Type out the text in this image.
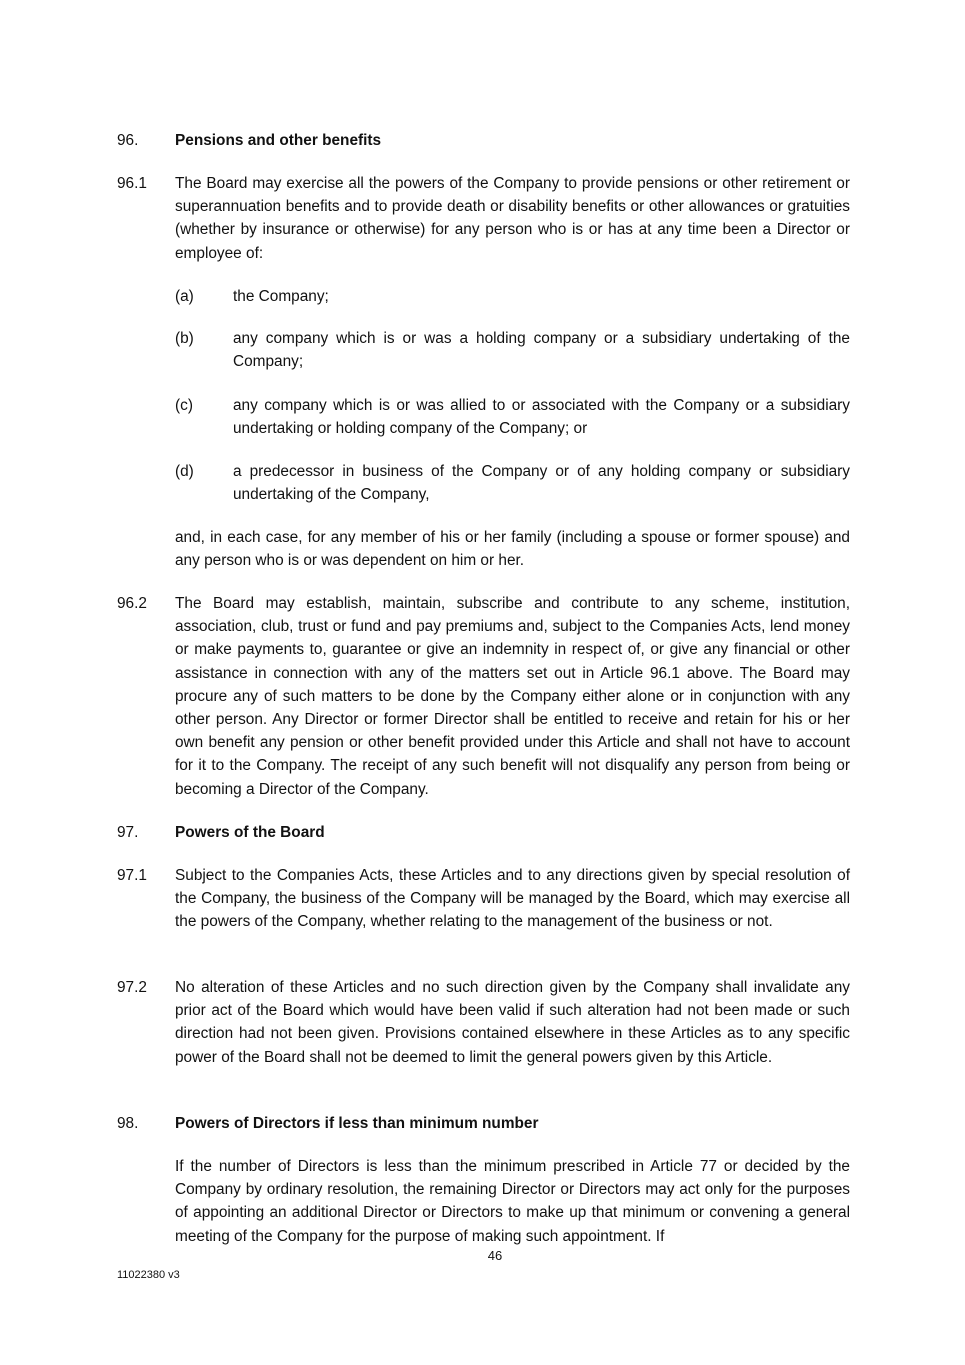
96. Pensions and other benefits
96.1 The Board may exercise all the powers of the Company to provide pensions or other retirement or superannuation benefits and to provide death or disability benefits or other allowances or gratuities (whether by insurance or otherwise) for any person who is or has at any time been a Director or employee of:
(a)	the Company;
(b)	any company which is or was a holding company or a subsidiary undertaking of the Company;
(c)	any company which is or was allied to or associated with the Company or a subsidiary undertaking or holding company of the Company; or
(d)	a predecessor in business of the Company or of any holding company or subsidiary undertaking of the Company,
and, in each case, for any member of his or her family (including a spouse or former spouse) and any person who is or was dependent on him or her.
96.2 The Board may establish, maintain, subscribe and contribute to any scheme, institution, association, club, trust or fund and pay premiums and, subject to the Companies Acts, lend money or make payments to, guarantee or give an indemnity in respect of, or give any financial or other assistance in connection with any of the matters set out in Article 96.1 above. The Board may procure any of such matters to be done by the Company either alone or in conjunction with any other person. Any Director or former Director shall be entitled to receive and retain for his or her own benefit any pension or other benefit provided under this Article and shall not have to account for it to the Company. The receipt of any such benefit will not disqualify any person from being or becoming a Director of the Company.
97. Powers of the Board
97.1 Subject to the Companies Acts, these Articles and to any directions given by special resolution of the Company, the business of the Company will be managed by the Board, which may exercise all the powers of the Company, whether relating to the management of the business or not.
97.2 No alteration of these Articles and no such direction given by the Company shall invalidate any prior act of the Board which would have been valid if such alteration had not been made or such direction had not been given. Provisions contained elsewhere in these Articles as to any specific power of the Board shall not be deemed to limit the general powers given by this Article.
98. Powers of Directors if less than minimum number
If the number of Directors is less than the minimum prescribed in Article 77 or decided by the Company by ordinary resolution, the remaining Director or Directors may act only for the purposes of appointing an additional Director or Directors to make up that minimum or convening a general meeting of the Company for the purpose of making such appointment. If
46
11022380 v3
